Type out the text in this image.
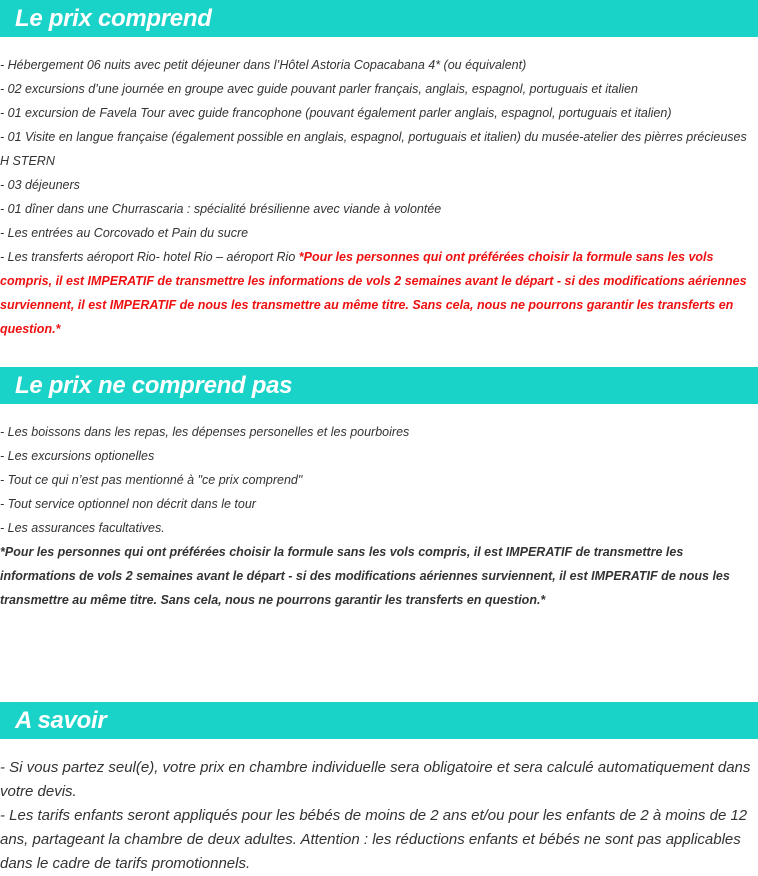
Le prix comprend

- Hébergement 06 nuits avec petit déjeuner dans l’Hôtel Astoria Copacabana 4* (ou équivalent)

- 02 excursions d’une journée en groupe avec guide pouvant parler français, anglais, espagnol, portuguais et italien

- 01 excursion de Favela Tour avec guide francophone (pouvant également parler anglais, espagnol, portuguais et italien)

- 01 Visite en langue française (également possible en anglais, espagnol, portuguais et italien) du musée-atelier des pièrres précieuses H STERN

- 03 déjeuners

- 01 dîner dans une Churrascaria : spécialité brésilienne avec viande à volontée

- Les entrées au Corcovado et Pain du sucre

- Les transferts aéroport Rio- hotel Rio – aéroport Rio *Pour les personnes qui ont préférées choisir la formule sans les vols compris, il est IMPERATIF de transmettre les informations de vols 2 semaines avant le départ - si des modifications aériennes surviennent, il est IMPERATIF de nous les transmettre au même titre. Sans cela, nous ne pourrons garantir les transferts en question.*

Le prix ne comprend pas

- Les boissons dans les repas, les dépenses personelles et les pourboires

- Les excursions optionelles

- Tout ce qui n’est pas mentionné à "ce prix comprend"

- Tout service optionnel non décrit dans le tour

- Les assurances facultatives.

*Pour les personnes qui ont préférées choisir la formule sans les vols compris, il est IMPERATIF de transmettre les informations de vols 2 semaines avant le départ - si des modifications aériennes surviennent, il est IMPERATIF de nous les transmettre au même titre. Sans cela, nous ne pourrons garantir les transferts en question.*

A savoir

- Si vous partez seul(e), votre prix en chambre individuelle sera obligatoire et sera calculé automatiquement dans votre devis.

- Les tarifs enfants seront appliqués pour les bébés de moins de 2 ans et/ou pour les enfants de 2 à moins de 12 ans, partageant la chambre de deux adultes. Attention : les réductions enfants et bébés ne sont pas applicables dans le cadre de tarifs promotionnels.
